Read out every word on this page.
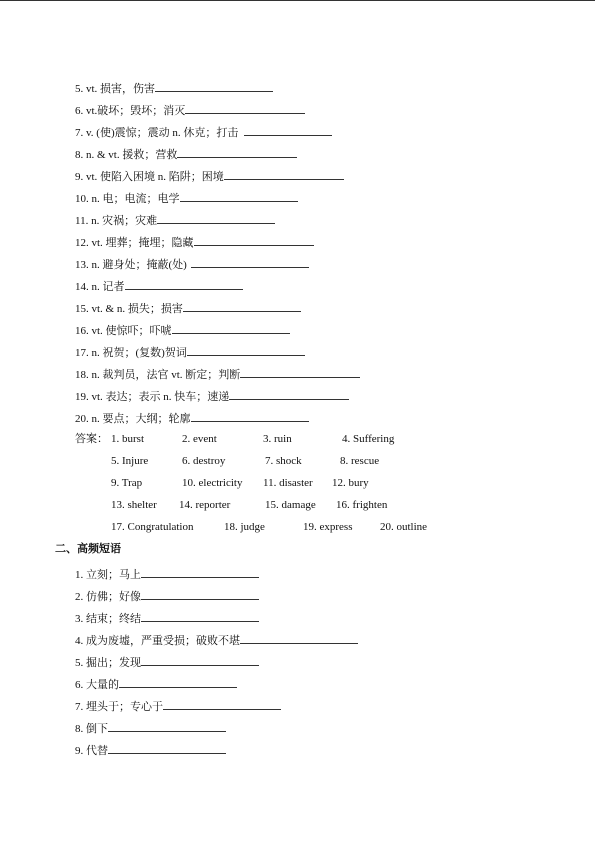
5. vt. 损害，伤害
6. vt.破坏；毁坏；消灭
7. v. (使)震惊；震动 n. 休克；打击
8. n. & vt. 援救；营救
9. vt. 使陷入困境 n. 陷阱；困境
10. n. 电；电流；电学
11. n. 灾祸；灾难
12. vt. 埋葬；掩埋；隐藏
13. n. 避身处；掩蔽(处)
14. n. 记者
15. vt. & n. 损失；损害
16. vt. 使惊吓；吓唬
17. n. 祝贺；(复数)贺词
18. n. 裁判员，法官 vt. 断定；判断
19. vt. 表达；表示 n. 快车；速递
20. n. 要点；大纲；轮廓
答案： 1. burst	2. event	3. ruin	4. Suffering
5. Injure	6. destroy	7. shock	8. rescue
9. Trap	10. electricity 11. disaster 12. bury
13. shelter 14. reporter	15. damage 16. frighten
17. Congratulation	18. judge	19. express	20. outline
二、高频短语
1. 立刻；马上
2. 仿佛；好像
3. 结束；终结
4. 成为废墟，严重受损；破败不堪
5. 掘出；发现
6. 大量的
7. 埋头于；专心于
8. 倒下
9. 代替
